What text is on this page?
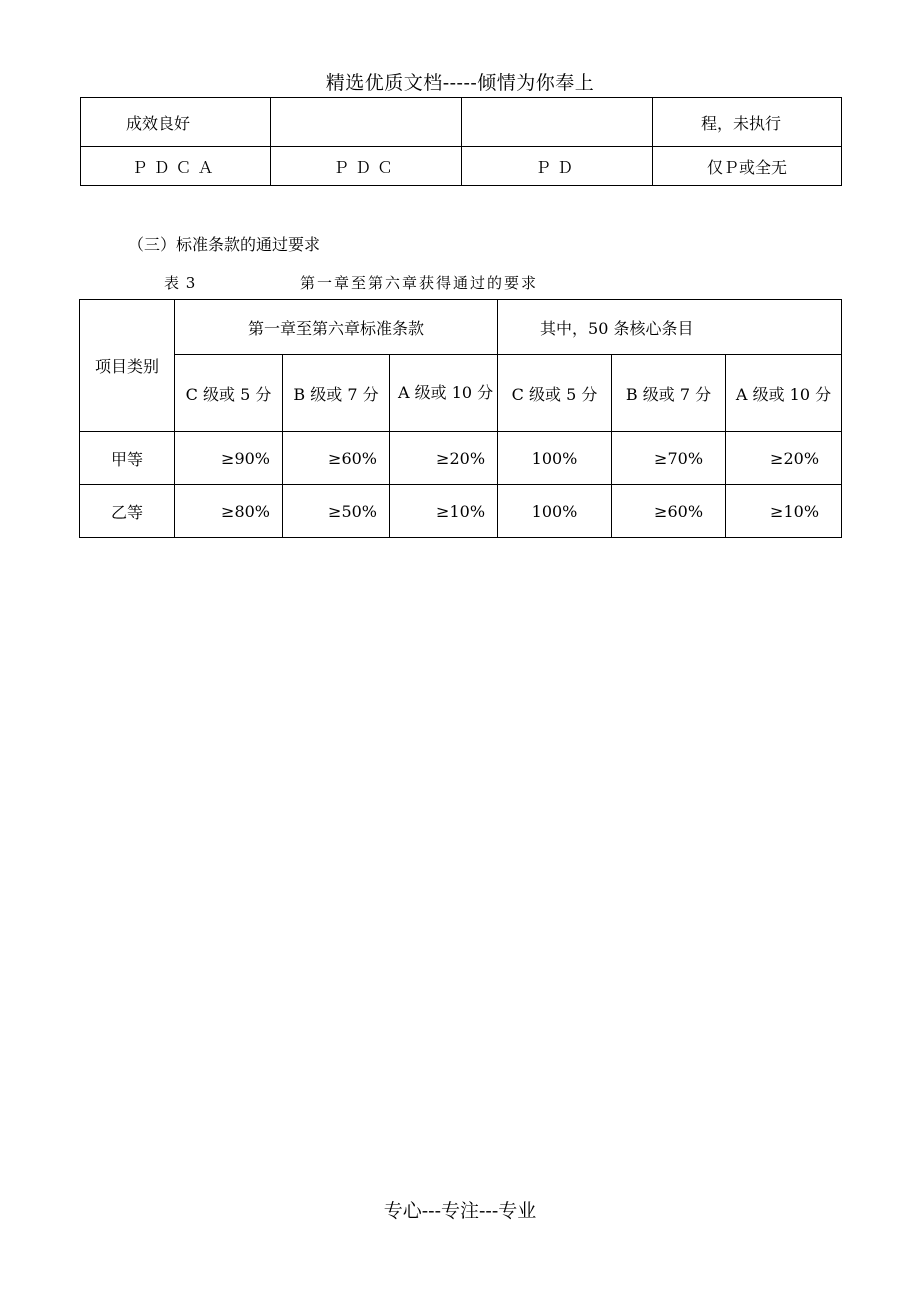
精选优质文档-----倾情为你奉上
成效良好			程，未执行
ＰＤＣＡ	ＰＤＣ	ＰＤ	仅Ｐ或全无
（三）标准条款的通过要求
表 3	第一章至第六章获得通过的要求
项目类别	第一章至第六章标准条款			其中，50 条核心条目		
	C 级或 5 分	B 级或 7 分	A 级或 10 分	C 级或 5 分	B 级或 7 分	A 级或 10 分
甲等	≥90%	≥60%	≥20%	100%	≥70%	≥20%
乙等	≥80%	≥50%	≥10%	100%	≥60%	≥10%
专心---专注---专业
